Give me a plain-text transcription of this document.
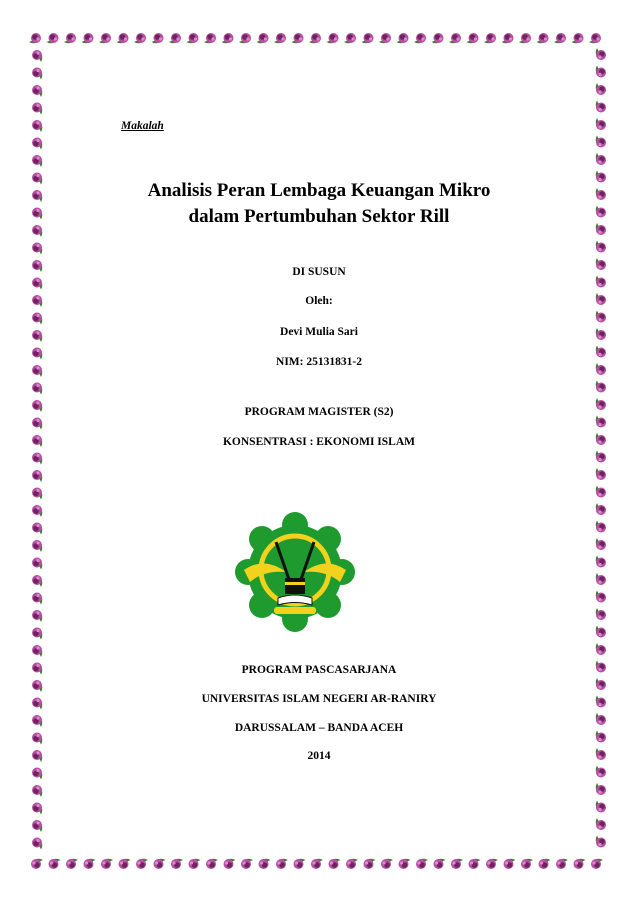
Makalah
Analisis Peran Lembaga Keuangan Mikro
dalam Pertumbuhan Sektor Rill
DI SUSUN
Oleh:
Devi Mulia Sari
NIM: 25131831-2
PROGRAM MAGISTER (S2)
KONSENTRASI : EKONOMI ISLAM
PROGRAM PASCASARJANA
UNIVERSITAS ISLAM NEGERI AR-RANIRY
DARUSSALAM – BANDA ACEH
2014
